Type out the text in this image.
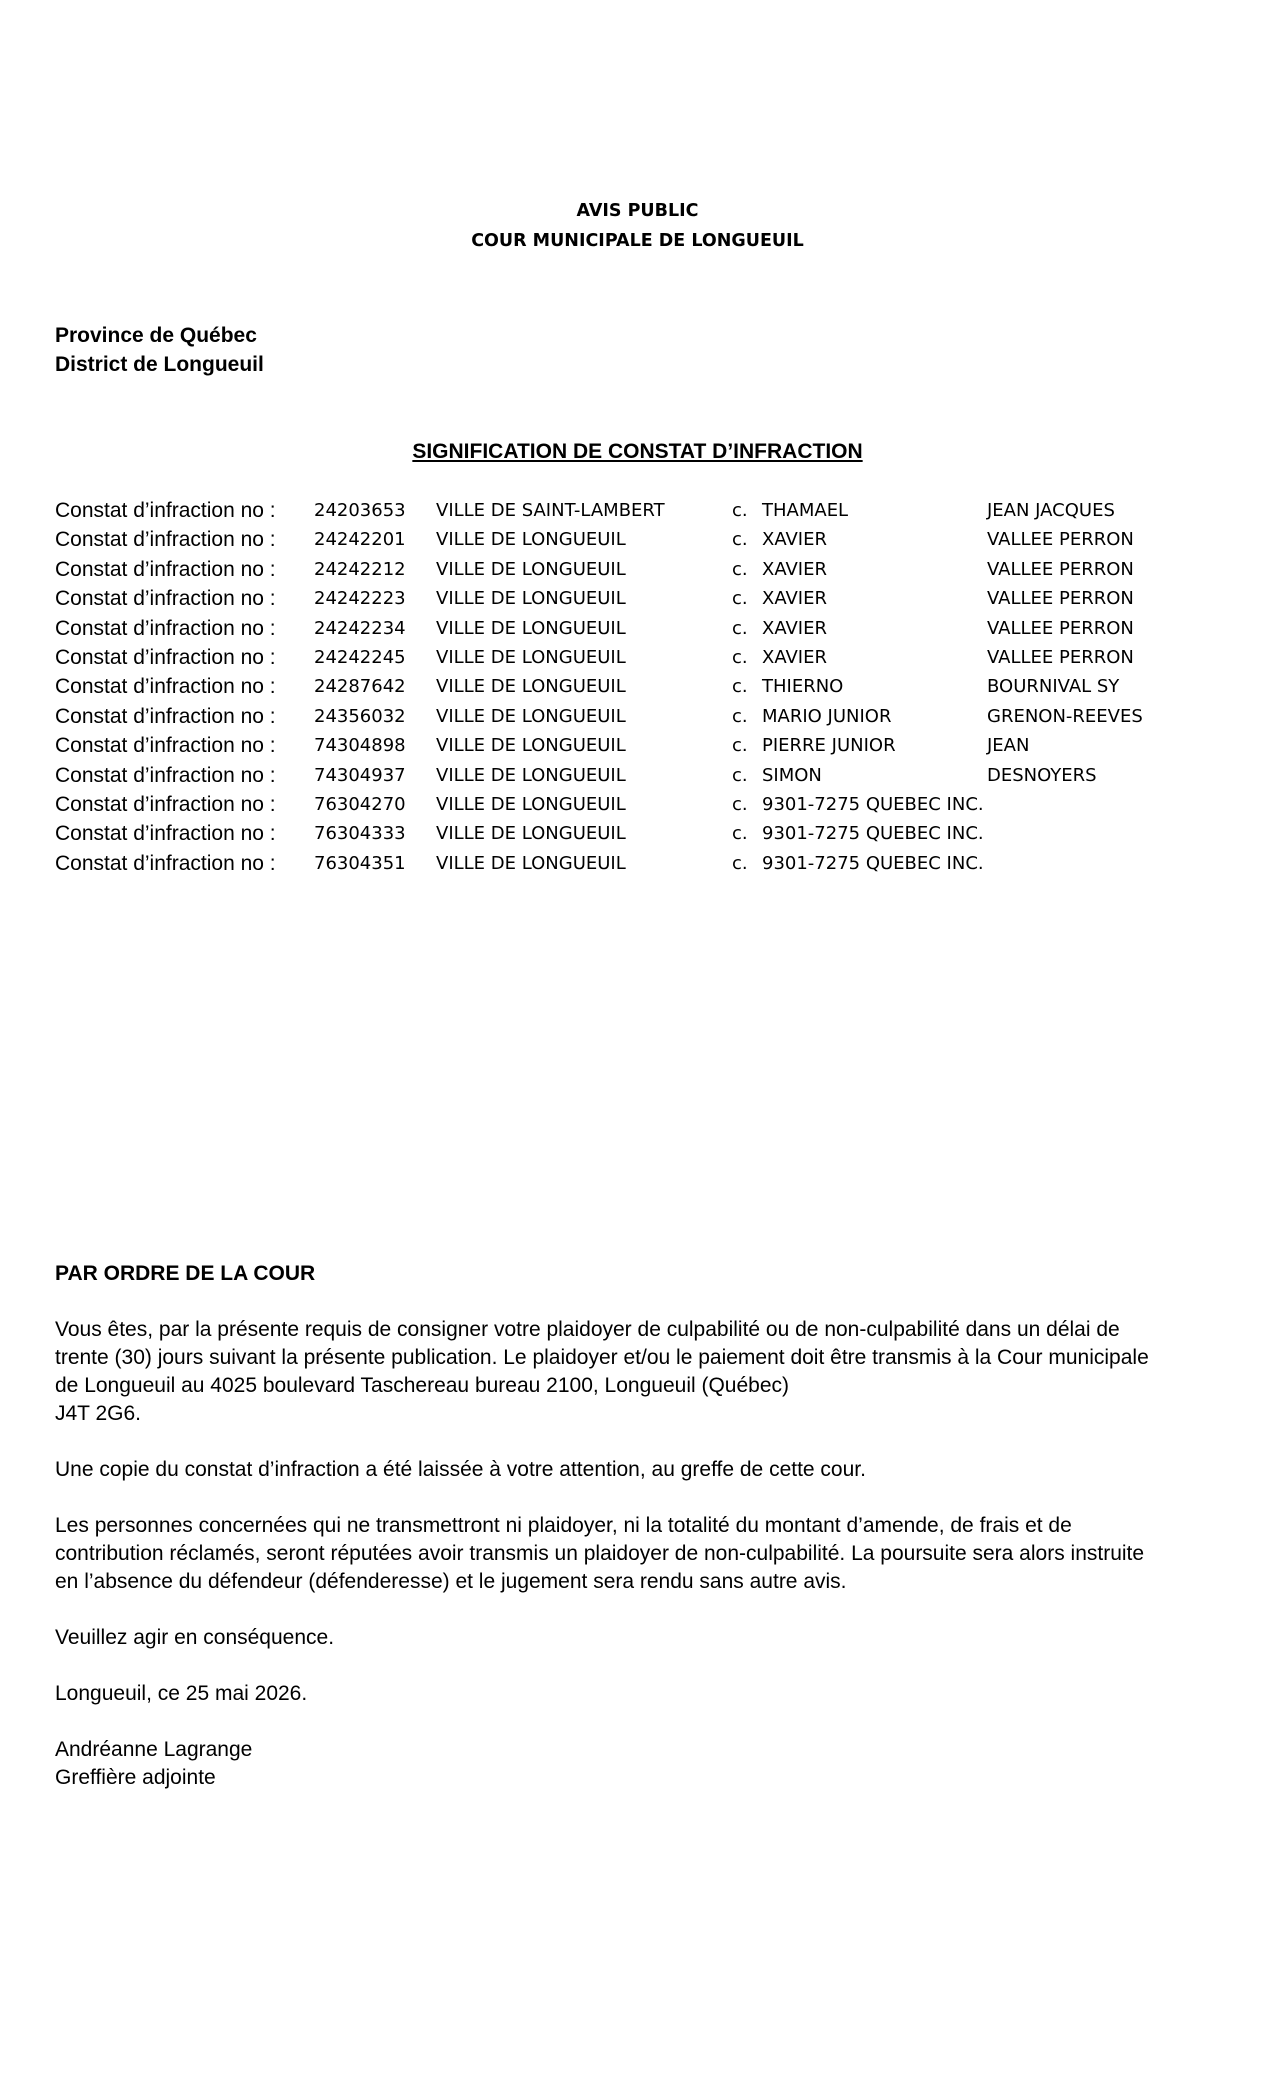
AVIS PUBLIC
COUR MUNICIPALE DE LONGUEUIL
Province de Québec
District de Longueuil
SIGNIFICATION DE CONSTAT D’INFRACTION
Constat d’infraction no : 24203653 VILLE DE SAINT-LAMBERT	c. THAMAEL	JEAN JACQUES
Constat d’infraction no : 24242201 VILLE DE LONGUEUIL	c. XAVIER	VALLEE PERRON
Constat d’infraction no : 24242212 VILLE DE LONGUEUIL	c. XAVIER	VALLEE PERRON
Constat d’infraction no : 24242223 VILLE DE LONGUEUIL	c. XAVIER	VALLEE PERRON
Constat d’infraction no : 24242234 VILLE DE LONGUEUIL	c. XAVIER	VALLEE PERRON
Constat d’infraction no : 24242245 VILLE DE LONGUEUIL	c. XAVIER	VALLEE PERRON
Constat d’infraction no : 24287642 VILLE DE LONGUEUIL	c. THIERNO	BOURNIVAL SY
Constat d’infraction no : 24356032 VILLE DE LONGUEUIL	c. MARIO JUNIOR	GRENON-REEVES
Constat d’infraction no : 74304898 VILLE DE LONGUEUIL	c. PIERRE JUNIOR	JEAN
Constat d’infraction no : 74304937 VILLE DE LONGUEUIL	c. SIMON	DESNOYERS
Constat d’infraction no : 76304270 VILLE DE LONGUEUIL	c. 9301-7275 QUEBEC INC.
Constat d’infraction no : 76304333 VILLE DE LONGUEUIL	c. 9301-7275 QUEBEC INC.
Constat d’infraction no : 76304351 VILLE DE LONGUEUIL	c. 9301-7275 QUEBEC INC.

PAR ORDRE DE LA COUR

Vous êtes, par la présente requis de consigner votre plaidoyer de culpabilité ou de non-culpabilité dans un délai de
trente (30) jours suivant la présente publication. Le plaidoyer et/ou le paiement doit être transmis à la Cour municipale
de Longueuil au 4025 boulevard Taschereau bureau 2100, Longueuil (Québec)
J4T 2G6.

Une copie du constat d’infraction a été laissée à votre attention, au greffe de cette cour.

Les personnes concernées qui ne transmettront ni plaidoyer, ni la totalité du montant d’amende, de frais et de
contribution réclamés, seront réputées avoir transmis un plaidoyer de non-culpabilité. La poursuite sera alors instruite
en l’absence du défendeur (défenderesse) et le jugement sera rendu sans autre avis.

Veuillez agir en conséquence.

Longueuil, ce 25 mai 2026.

Andréanne Lagrange
Greffière adjointe
